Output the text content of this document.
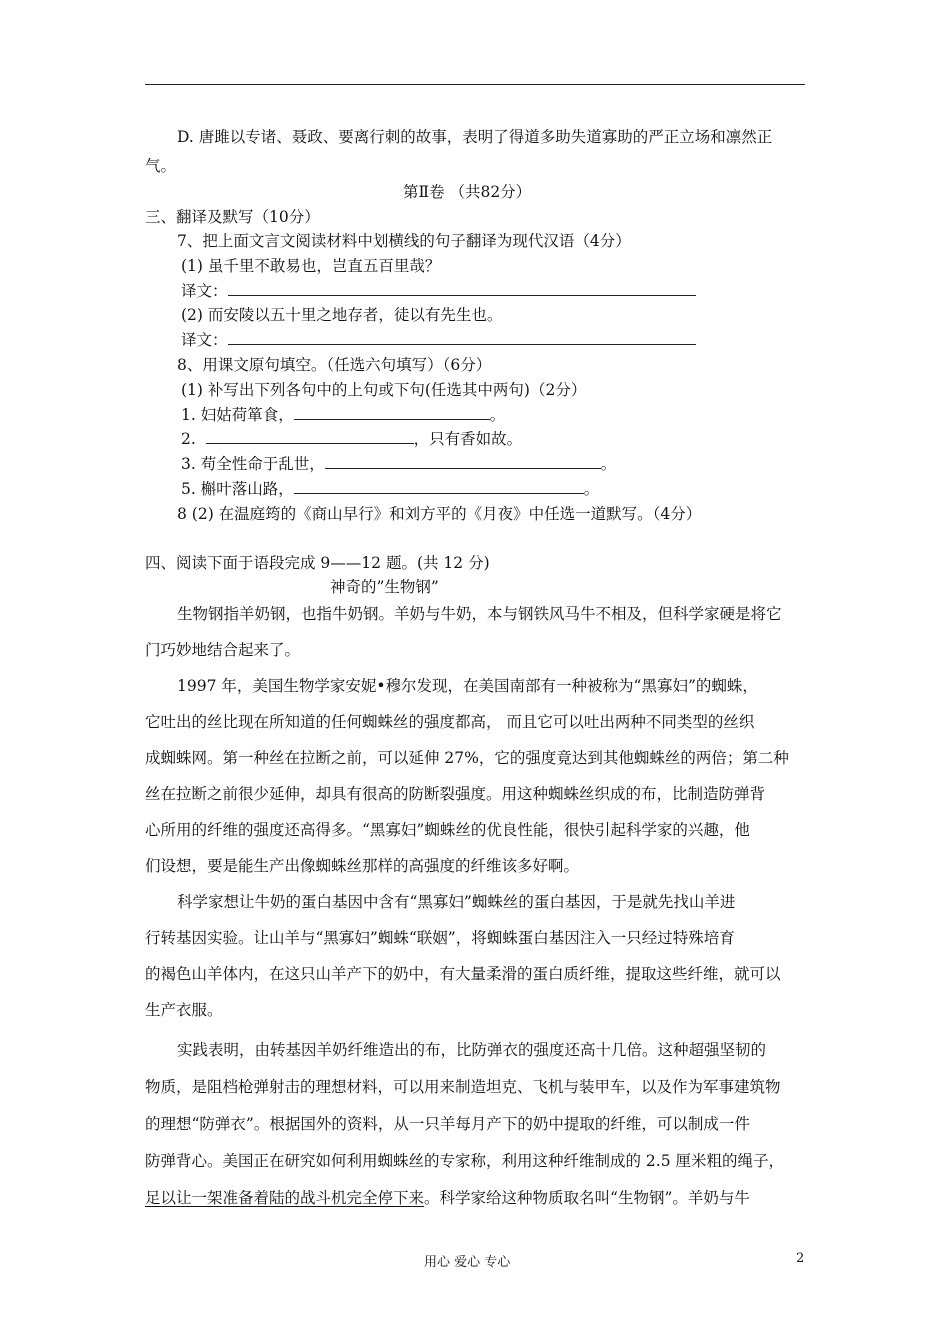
D. 唐雎以专诸、聂政、要离行刺的故事，表明了得道多助失道寡助的严正立场和凛然正
气。
第Ⅱ卷 （共82分）
三、翻译及默写（10分）
7、把上面文言文阅读材料中划横线的句子翻译为现代汉语（4分）
(1) 虽千里不敢易也，岂直五百里哉？
译文：
(2) 而安陵以五十里之地存者，徒以有先生也。
译文：
8、用课文原句填空。（任选六句填写）（6分）
(1) 补写出下列各句中的上句或下句(任选其中两句)（2分）
1. 妇姑荷箪食，	。
2.	，只有香如故。
3. 苟全性命于乱世，	。
5. 槲叶落山路，	。
8 (2) 在温庭筠的《商山早行》和刘方平的《月夜》中任选一道默写。（4分）
四、阅读下面于语段完成 9——12 题。(共 12 分)
神奇的”生物钢”
生物钢指羊奶钢，也指牛奶钢。羊奶与牛奶，本与钢铁风马牛不相及，但科学家硬是将它
门巧妙地结合起来了。
1997 年，美国生物学家安妮•穆尔发现，在美国南部有一种被称为“黑寡妇”的蜘蛛，
它吐出的丝比现在所知道的任何蜘蛛丝的强度都高， 而且它可以吐出两种不同类型的丝织
成蜘蛛网。第一种丝在拉断之前，可以延伸 27%，它的强度竟达到其他蜘蛛丝的两倍；第二种
丝在拉断之前很少延伸，却具有很高的防断裂强度。用这种蜘蛛丝织成的布，比制造防弹背
心所用的纤维的强度还高得多。“黑寡妇”蜘蛛丝的优良性能，很快引起科学家的兴趣，他
们设想，要是能生产出像蜘蛛丝那样的高强度的纤维该多好啊。
科学家想让牛奶的蛋白基因中含有“黑寡妇”蜘蛛丝的蛋白基因，于是就先找山羊进
行转基因实验。让山羊与“黑寡妇”蜘蛛“联姻”，将蜘蛛蛋白基因注入一只经过特殊培育
的褐色山羊体内，在这只山羊产下的奶中，有大量柔滑的蛋白质纤维，提取这些纤维，就可以
生产衣服。
实践表明，由转基因羊奶纤维造出的布，比防弹衣的强度还高十几倍。这种超强坚韧的
物质，是阻档枪弹射击的理想材料，可以用来制造坦克、飞机与装甲车，以及作为军事建筑物
的理想“防弹衣”。根据国外的资料，从一只羊每月产下的奶中提取的纤维，可以制成一件
防弹背心。美国正在研究如何利用蜘蛛丝的专家称，利用这种纤维制成的 2.5 厘米粗的绳子，
足以让一架准备着陆的战斗机完全停下来。科学家给这种物质取名叫“生物钢”。羊奶与牛
用心 爱心 专心	2
